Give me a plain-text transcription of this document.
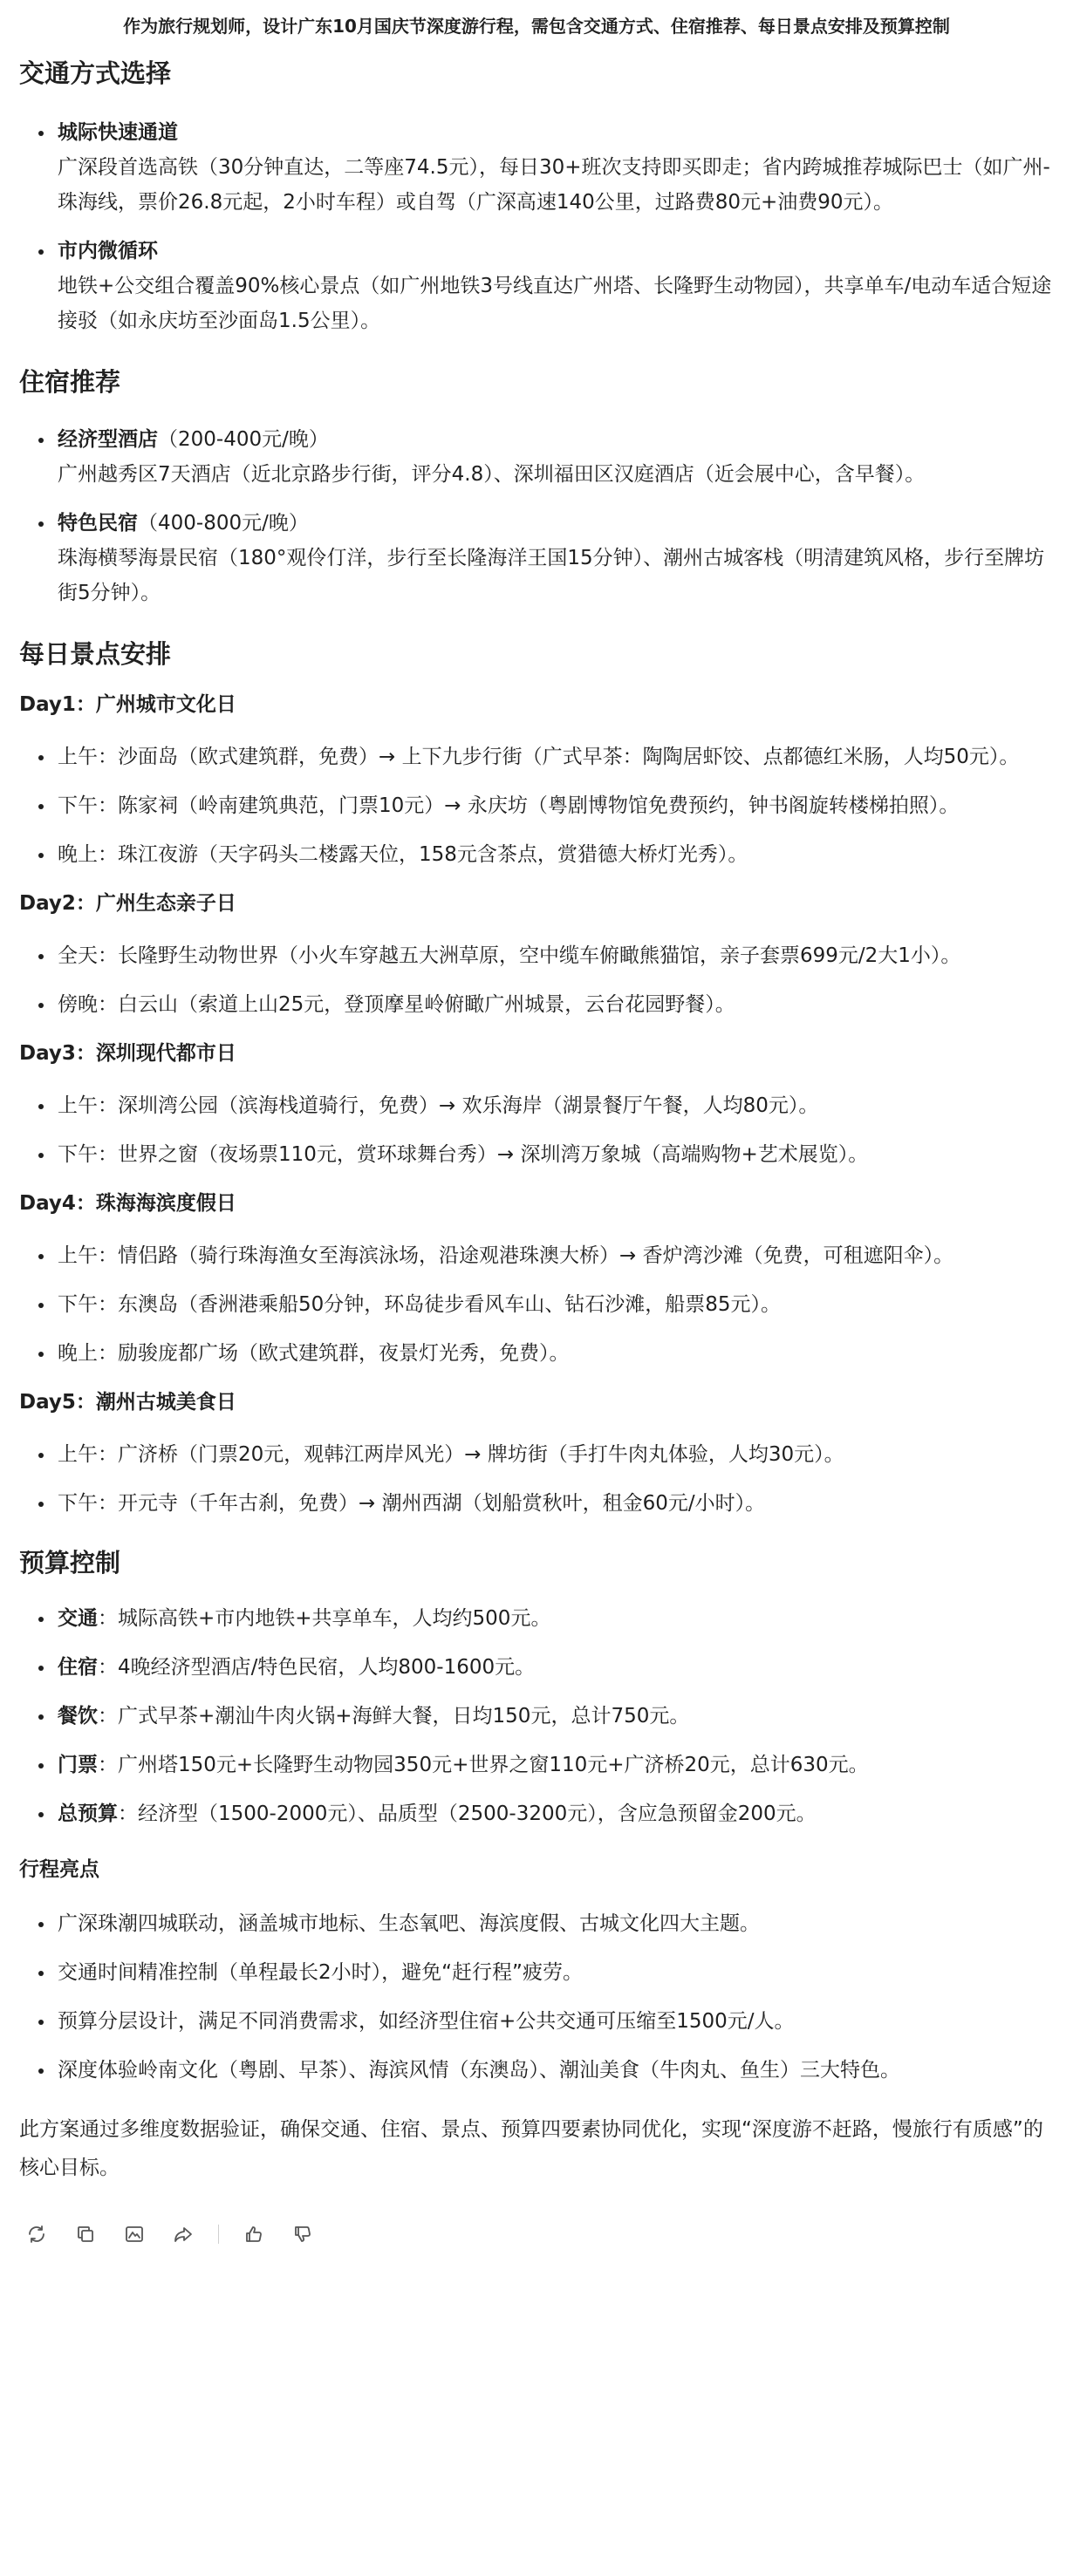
作为旅行规划师，设计广东10月国庆节深度游行程，需包含交通方式、住宿推荐、每日景点安排及预算控制
交通方式选择
城际快速通道
广深段首选高铁（30分钟直达，二等座74.5元），每日30+班次支持即买即走；省内跨城推荐城际巴士（如广州-珠海线，票价26.8元起，2小时车程）或自驾（广深高速140公里，过路费80元+油费90元）。
市内微循环
地铁+公交组合覆盖90%核心景点（如广州地铁3号线直达广州塔、长隆野生动物园），共享单车/电动车适合短途接驳（如永庆坊至沙面岛1.5公里）。
住宿推荐
经济型酒店（200-400元/晚）
广州越秀区7天酒店（近北京路步行街，评分4.8）、深圳福田区汉庭酒店（近会展中心，含早餐）。
特色民宿（400-800元/晚）
珠海横琴海景民宿（180°观伶仃洋，步行至长隆海洋王国15分钟）、潮州古城客栈（明清建筑风格，步行至牌坊街5分钟）。
每日景点安排
Day1：广州城市文化日
上午：沙面岛（欧式建筑群，免费）→ 上下九步行街（广式早茶：陶陶居虾饺、点都德红米肠，人均50元）。
下午：陈家祠（岭南建筑典范，门票10元）→ 永庆坊（粤剧博物馆免费预约，钟书阁旋转楼梯拍照）。
晚上：珠江夜游（天字码头二楼露天位，158元含茶点，赏猎德大桥灯光秀）。
Day2：广州生态亲子日
全天：长隆野生动物世界（小火车穿越五大洲草原，空中缆车俯瞰熊猫馆，亲子套票699元/2大1小）。
傍晚：白云山（索道上山25元，登顶摩星岭俯瞰广州城景，云台花园野餐）。
Day3：深圳现代都市日
上午：深圳湾公园（滨海栈道骑行，免费）→ 欢乐海岸（湖景餐厅午餐，人均80元）。
下午：世界之窗（夜场票110元，赏环球舞台秀）→ 深圳湾万象城（高端购物+艺术展览）。
Day4：珠海海滨度假日
上午：情侣路（骑行珠海渔女至海滨泳场，沿途观港珠澳大桥）→ 香炉湾沙滩（免费，可租遮阳伞）。
下午：东澳岛（香洲港乘船50分钟，环岛徒步看风车山、钻石沙滩，船票85元）。
晚上：励骏庞都广场（欧式建筑群，夜景灯光秀，免费）。
Day5：潮州古城美食日
上午：广济桥（门票20元，观韩江两岸风光）→ 牌坊街（手打牛肉丸体验，人均30元）。
下午：开元寺（千年古刹，免费）→ 潮州西湖（划船赏秋叶，租金60元/小时）。
预算控制
交通：城际高铁+市内地铁+共享单车，人均约500元。
住宿：4晚经济型酒店/特色民宿，人均800-1600元。
餐饮：广式早茶+潮汕牛肉火锅+海鲜大餐，日均150元，总计750元。
门票：广州塔150元+长隆野生动物园350元+世界之窗110元+广济桥20元，总计630元。
总预算：经济型（1500-2000元）、品质型（2500-3200元），含应急预留金200元。
行程亮点
广深珠潮四城联动，涵盖城市地标、生态氧吧、海滨度假、古城文化四大主题。
交通时间精准控制（单程最长2小时），避免“赶行程”疲劳。
预算分层设计，满足不同消费需求，如经济型住宿+公共交通可压缩至1500元/人。
深度体验岭南文化（粤剧、早茶）、海滨风情（东澳岛）、潮汕美食（牛肉丸、鱼生）三大特色。

此方案通过多维度数据验证，确保交通、住宿、景点、预算四要素协同优化，实现“深度游不赶路，慢旅行有质感”的核心目标。
